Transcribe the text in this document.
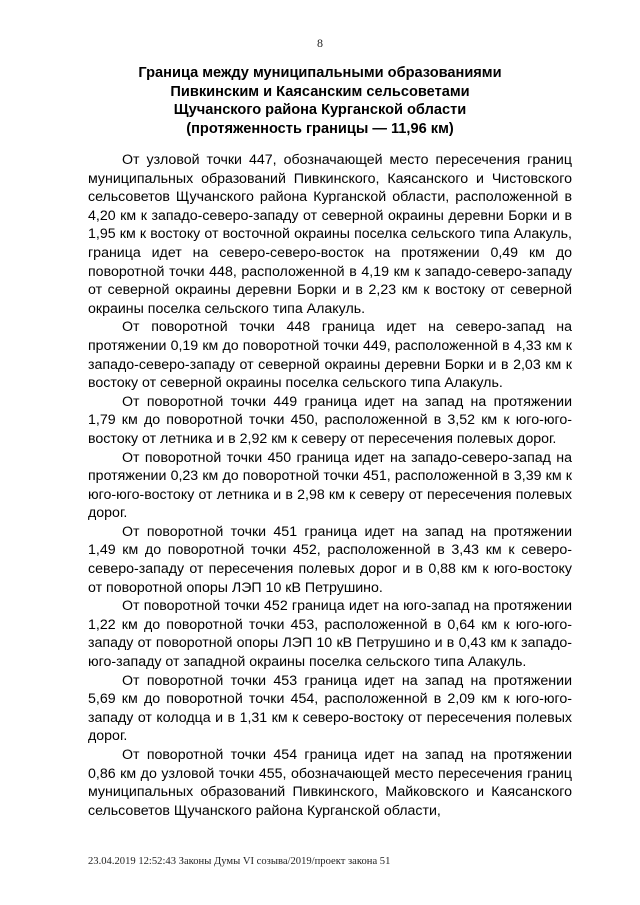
8
Граница между муниципальными образованиями
Пивкинским и Каясанским сельсоветами
Щучанского района Курганской области
(протяженность границы — 11,96 км)

От узловой точки 447, обозначающей место пересечения границ муниципальных образований Пивкинского, Каясанского и Чистовского сельсоветов Щучанского района Курганской области, расположенной в 4,20 км к западо-северо-западу от северной окраины деревни Борки и в 1,95 км к востоку от восточной окраины поселка сельского типа Алакуль, граница идет на северо-северо-восток на протяжении 0,49 км до поворотной точки 448, расположенной в 4,19 км к западо-северо-западу от северной окраины деревни Борки и в 2,23 км к востоку от северной окраины поселка сельского типа Алакуль.

От поворотной точки 448 граница идет на северо-запад на протяжении 0,19 км до поворотной точки 449, расположенной в 4,33 км к западо-северо-западу от северной окраины деревни Борки и в 2,03 км к востоку от северной окраины поселка сельского типа Алакуль.

От поворотной точки 449 граница идет на запад на протяжении 1,79 км до поворотной точки 450, расположенной в 3,52 км к юго-юго-востоку от летника и в 2,92 км к северу от пересечения полевых дорог.

От поворотной точки 450 граница идет на западо-северо-запад на протяжении 0,23 км до поворотной точки 451, расположенной в 3,39 км к юго-юго-востоку от летника и в 2,98 км к северу от пересечения полевых дорог.

От поворотной точки 451 граница идет на запад на протяжении 1,49 км до поворотной точки 452, расположенной в 3,43 км к северо-северо-западу от пересечения полевых дорог и в 0,88 км к юго-востоку от поворотной опоры ЛЭП 10 кВ Петрушино.

От поворотной точки 452 граница идет на юго-запад на протяжении 1,22 км до поворотной точки 453, расположенной в 0,64 км к юго-юго-западу от поворотной опоры ЛЭП 10 кВ Петрушино и в 0,43 км к западо-юго-западу от западной окраины поселка сельского типа Алакуль.

От поворотной точки 453 граница идет на запад на протяжении 5,69 км до поворотной точки 454, расположенной в 2,09 км к юго-юго-западу от колодца и в 1,31 км к северо-востоку от пересечения полевых дорог.

От поворотной точки 454 граница идет на запад на протяжении 0,86 км до узловой точки 455, обозначающей место пересечения границ муниципальных образований Пивкинского, Майковского и Каясанского сельсоветов Щучанского района Курганской области,

23.04.2019 12:52:43 Законы Думы VI созыва/2019/проект закона 51
